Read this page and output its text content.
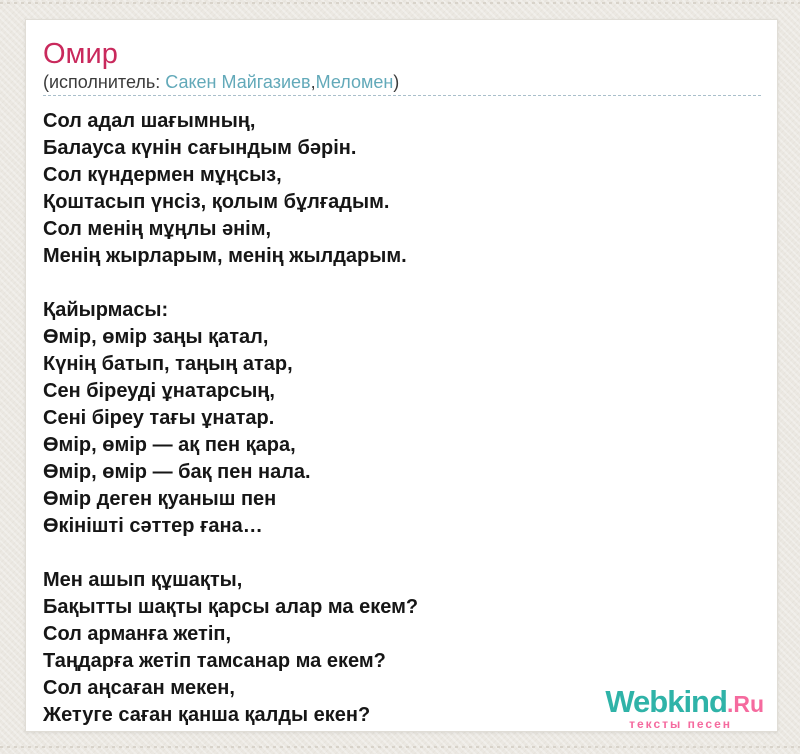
Омир
(исполнитель: Сакен Майгазиев,Меломен)
Сол адал шағымның,
Балауса күнін сағындым бәрін.
Сол күндермен мұңсыз,
Қоштасып үнсіз, қолым бұлғадым.
Сол менің мұңлы әнім,
Менің жырларым, менің жылдарым.

Қайырмасы:
Өмір, өмір заңы қатал,
Күнің батып, таңың атар,
Сен біреуді ұнатарсың,
Сені біреу тағы ұнатар.
Өмір, өмір — ақ пен қара,
Өмір, өмір — бақ пен нала.
Өмір деген қуаныш пен
Өкінішті сәттер ғана…

Мен ашып құшақты,
Бақытты шақты қарсы алар ма екем?
Сол арманға жетіп,
Таңдарға жетіп тамсанар ма екем?
Сол аңсаған мекен,
Жетуге саған қанша қалды екен?	Webkind.Ru
тексты песен
